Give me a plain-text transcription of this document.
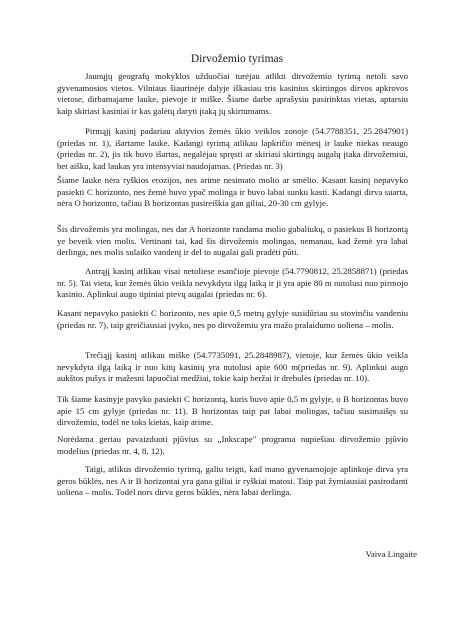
Dirvožemio tyrimas

Jaunųjų geografų mokyklos užduočiai turėjau atlikti dirvožemio tyrimą netoli savo gyvenamosios vietos. Vilniaus šiaurinėje dalyje iškasiau tris kasinius skirtingos dirvos apkrovos vietose, dirbamajame lauke, pievoje ir miške. Šiame darbe aprašysiu pasirinktas vietas, aptarsiu kaip skiriasi kasiniai ir kas galėtų daryti įtaką jų skirtumams.

Pirmąjį kasinį padariau aktyvios žemės ūkio veiklos zonoje (54.7788351, 25.2847901) (priedas nr. 1), išartame lauke. Kadangi tyrimą atlikau lapkričio mėnesį ir lauke niekas neaugo (priedas nr. 2), jis tik buvo išartas, negalėjau spręsti ar skiriasi skirtingų augalų įtaka dirvožemiui, bet aišku, kad laukas yra intensyviai naudojamas. (Priedas nr. 3)

Šiame lauke nėra ryškios erozijos, nes arime nesimato molio ar smėlio. Kasant kasinį nepavyko pasiekti C horizonto, nes žemė buvo ypač molinga ir buvo labai sunku kasti. Kadangi dirva suarta, nėra O horizonto, tačiau B horizontas pasireiškia gan giliai, 20-30 cm gylyje.

Šis dirvožemis yra molingas, nes dar A horizonte randama molio gabaliukų, o pasiekus B horizontą ye beveik vien molis. Vertinant tai, kad šis dirvožemis molingas, nemanau, kad žemė yra labai derlinga, nes molis sulaiko vandenį ir del to augalai gali pradėti pūti.

Antrąjį kasinį atlikau visai netoliese esančioje pievoje (54.7790812, 25.2858871) (priedas nr. 5). Tai vieta, kur žemės ūkio veikla nevykdyta ilgą laiką ir ji yra apie 80 m nutolusi nuo pirmojo kasinio. Aplinkui augo tipiniai pievų augalai (priedas nr. 6).

Kasant nepavyko pasiekti C horizonto, nes apie 0,5 metrų gylyje susidūriau su stovinčiu vandeniu (priedas nr. 7), taip greičiausiai įvyko, nes po dirvožemiu yra mažo pralaidumo uoliena – molis.

Trečiąjį kasinį atlikau miške (54.7735091, 25.2848987), vietoje, kur žemės ūkio veikla nevykdyta ilgą laiką ir nuo kitų kasinių yra nutolusi apie 600 m(priedas nr. 9). Aplinkui augo aukštos pušys ir mažesni lapuočiai medžiai, tokie kaip beržai ir drebulės (priedas nr. 10).

Tik šiame kasinyje pavyko pasiekti C horizontą, kuris buvo apie 0,5 m gylyje, o B horizontas buvo apie 15 cm gylyje (priedas nr. 11). B horizontas taip pat labai molingas, tačiau susimaišęs su dirvožemiu, todėl ne toks kietas, kaip arime.

Norėdama geriau pavaizduoti pjūvius su „Inkscape" programa nupiešiau dirvožemio pjūvio modelius (priedas nr. 4, 8, 12).

Taigi, atlikus dirvožemio tyrimą, galiu teigti, kad mano gyvenamojoje aplinkoje dirva yra geros būklės, nes A ir B horizontai yra gana giliai ir ryškiai matosi. Taip pat žymiausiai pasirodanti uoliena – molis. Todėl nors dirva geros būklės, nėra labai derlinga.

Vaiva Lingaite
